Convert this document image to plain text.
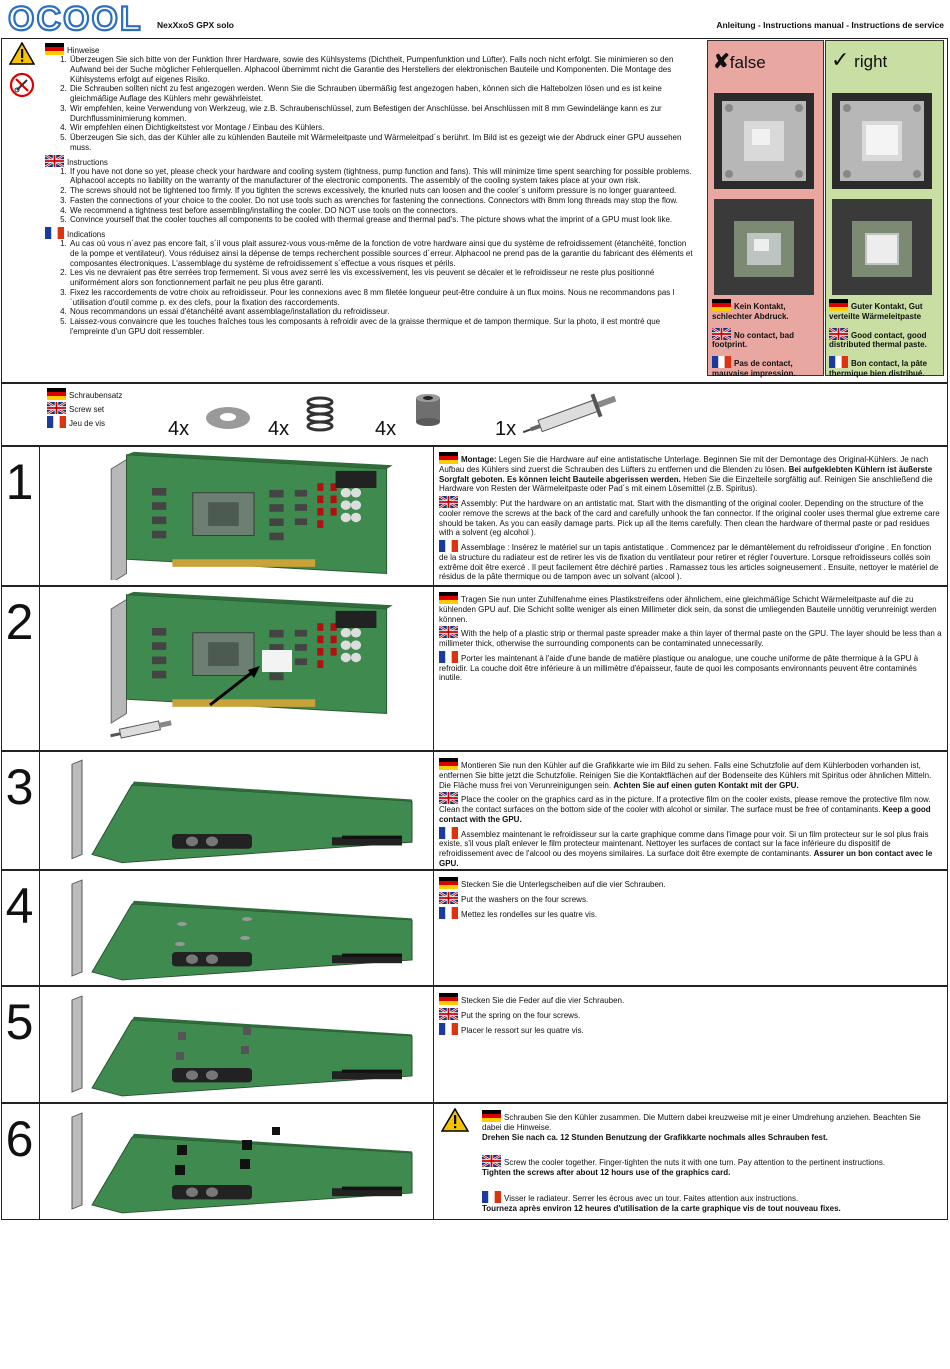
OCOOL NexXxoS GPX solo	Anleitung - Instructions manual - Instructions de service
Hinweise
1. Überzeugen Sie sich bitte von der Funktion Ihrer Hardware, sowie des Kühlsystems (Dichtheit, Pumpenfunktion und Lüfter). Falls noch nicht erfolgt. Sie minimieren so den Aufwand bei der Suche möglicher Fehlerquellen. Alphacool übernimmt nicht die Garantie des Herstellers der elektronischen Bauteile und Komponenten. Die Montage des Kühlsystems erfolgt auf eigenes Risiko.
2. Die Schrauben sollten nicht zu fest angezogen werden. Wenn Sie die Schrauben übermäßig fest angezogen haben, können sich die Haltebolzen lösen und es ist keine gleichmäßige Auflage des Kühlers mehr gewährleistet.
3. Wir empfehlen, keine Verwendung von Werkzeug, wie z.B. Schraubenschlüssel, zum Befestigen der Anschlüsse. bei Anschlüssen mit 8 mm Gewindelänge kann es zur Durchflussminimierung kommen.
4. Wir empfehlen einen Dichtigkeitstest vor Montage / Einbau des Kühlers.
5. Überzeugen Sie sich, das der Kühler alle zu kühlenden Bauteile mit Wärmeleitpaste und Wärmeleitpad´s berührt. Im Bild ist es gezeigt wie der Abdruck einer GPU aussehen muss.
Instructions
1. If you have not done so yet, please check your hardware and cooling system (tightness, pump function and fans). This will minimize time spent searching for possible problems. Alphacool accepts no liability on the warranty of the manufacturer of the electronic components. The assembly of the cooling system takes place at your own risk.
2. The screws should not be tightened too firmly. If you tighten the screws excessively, the knurled nuts can loosen and the cooler´s uniform pressure is no longer guaranteed.
3. Fasten the connections of your choice to the cooler. Do not use tools such as wrenches for fastening the connections. Connectors with 8mm long threads may stop the flow.
4. We recommend a tightness test before assembling/installing the cooler. DO NOT use tools on the connectors.
5. Convince yourself that the cooler touches all components to be cooled with thermal grease and thermal pad's. The picture shows what the imprint of a GPU must look like.
Indications
1. Au cas où vous n´avez pas encore fait, s´il vous plait assurez-vous vous-même de la fonction de votre hardware ainsi que du système de refroidissement (étanchéité, fonction de la pompe et ventilateur). Vous réduisez ainsi la dépense de temps recherchent possible sources d´erreur. Alphacool ne prend pas de la garantie du fabricant des éléments et composantes électroniques. L'assemblage du système de refroidissement s´effectue a vous risques et périls.
2. Les vis ne devraient pas être serrées trop fermement. Si vous avez serré les vis excessivement, les vis peuvent se décaler et le refroidisseur ne reste plus positionné uniformément alors son fonctionnement parfait ne peu plus être garanti.
3. Fixez les raccordements de votre choix au refroidisseur. Pour les connexions avec 8 mm filetée longueur peut-être conduire à un flux moins. Nous ne recommandons pas l´utilisation d'outil comme p. ex des clefs, pour la fixation des raccordements.
4. Nous recommandons un essai d'étanchéité avant assemblage/installation du refroidisseur.
5. Laissez-vous convaincre que les touches fraîches tous les composants à refroidir avec de la graisse thermique et de tampon thermique. Sur la photo, il est montré que l'empreinte d'un GPU doit ressembler.
✘false
Kein Kontakt, schlechter Abdruck.
No contact, bad footprint.
Pas de contact, mauvaise impression.
✓ right
Guter Kontakt, Gut verteilte Wärmeleitpaste
Good contact, good distributed thermal paste.
Bon contact, la pâte thermique bien distribué.
Schraubensatz
Screw set
Jeu de vis	4x	4x	4x	1x
1	Montage: Legen Sie die Hardware auf eine antistatische Unterlage. Beginnen Sie mit der Demontage des Original-Kühlers. Je nach Aufbau des Kühlers sind zuerst die Schrauben des Lüfters zu entfernen und die Blenden zu lösen. Bei aufgeklebten Kühlern ist äußerste Sorgfalt geboten. Es können leicht Bauteile abgerissen werden. Heben Sie die Einzelteile sorgfältig auf. Reinigen Sie anschließend die Hardware von Resten der Wärmeleitpaste oder Pad´s mit einem Lösemittel (z.B. Spiritus).

Assembly: Put the hardware on an antistatic mat. Start with the dismantling of the original cooler. Depending on the structure of the cooler remove the screws at the back of the card and carefully unhook the fan connector. If the original cooler uses thermal glue extreme care should be taken. As you can easily damage parts. Pick up all the items carefully. Then clean the hardware of thermal paste or pad residues with a solvent (eg alcohol ).

Assemblage : Insérez le matériel sur un tapis antistatique . Commencez par le démantèlement du refroidisseur d'origine . En fonction de la structure du radiateur est de retirer les vis de fixation du ventilateur pour retirer et régler l'ouverture. Lorsque refroidisseurs collés soin extrême doit être exercé . Il peut facilement être déchiré parties . Ramassez tous les articles soigneusement . Ensuite, nettoyer le matériel de résidus de la pâte thermique ou de tampon avec un solvant (alcool ).

2	Tragen Sie nun unter Zuhilfenahme eines Plastikstreifens oder ähnlichem, eine gleichmäßige Schicht Wärmeleitpaste auf die zu kühlenden GPU auf. Die Schicht sollte weniger als einen Millimeter dick sein, da sonst die umliegenden Bauteile unnötig verunreinigt werden können.

With the help of a plastic strip or thermal paste spreader make a thin layer of thermal paste on the GPU. The layer should be less than a millimeter thick, otherwise the surrounding components can be contaminated unnecessarily.

Porter les maintenant à l'aide d'une bande de matière plastique ou analogue, une couche uniforme de pâte thermique à la GPU à refroidir. La couche doit être inférieure à un millimètre d'épaisseur, faute de quoi les composants environnants peuvent être contaminés inutile.

3	Montieren Sie nun den Kühler auf die Grafikkarte wie im Bild zu sehen. Falls eine Schutzfolie auf dem Kühlerboden vorhanden ist, entfernen Sie bitte jetzt die Schutzfolie. Reinigen Sie die Kontaktflächen auf der Bodenseite des Kühlers mit Spiritus oder ähnlichen Mitteln. Die Fläche muss frei von Verunreinigungen sein. Achten Sie auf einen guten Kontakt mit der GPU.

Place the cooler on the graphics card as in the picture. If a protective film on the cooler exists, please remove the protective film now. Clean the contact surfaces on the bottom side of the cooler with alcohol or similar. The surface must be free of contaminants. Keep a good contact with the GPU.

Assemblez maintenant le refroidisseur sur la carte graphique comme dans l'image pour voir. Si un film protecteur sur le sol plus frais existe, s'il vous plaît enlever le film protecteur maintenant. Nettoyer les surfaces de contact sur la face inférieure du dispositif de refroidissement avec de l'alcool ou des moyens similaires. La surface doit être exempte de contaminants. Assurer un bon contact avec le GPU.

4	Stecken Sie die Unterlegscheiben auf die vier Schrauben.

Put the washers on the four screws.

Mettez les rondelles sur les quatre vis.

5	Stecken Sie die Feder auf die vier Schrauben.

Put the spring on the four screws.

Placer le ressort sur les quatre vis.

6	Schrauben Sie den Kühler zusammen. Die Muttern dabei kreuzweise mit je einer Umdrehung anziehen. Beachten Sie dabei die Hinweise.
Drehen Sie nach ca. 12 Stunden Benutzung der Grafikkarte nochmals alles Schrauben fest.

Screw the cooler together. Finger-tighten the nuts it with one turn. Pay attention to the pertinent instructions.
Tighten the screws after about 12 hours use of the graphics card.

Visser le radiateur. Serrer les écrous avec un tour. Faites attention aux instructions.
Tourneza après environ 12 heures d'utilisation de la carte graphique vis de tout nouveau fixes.
